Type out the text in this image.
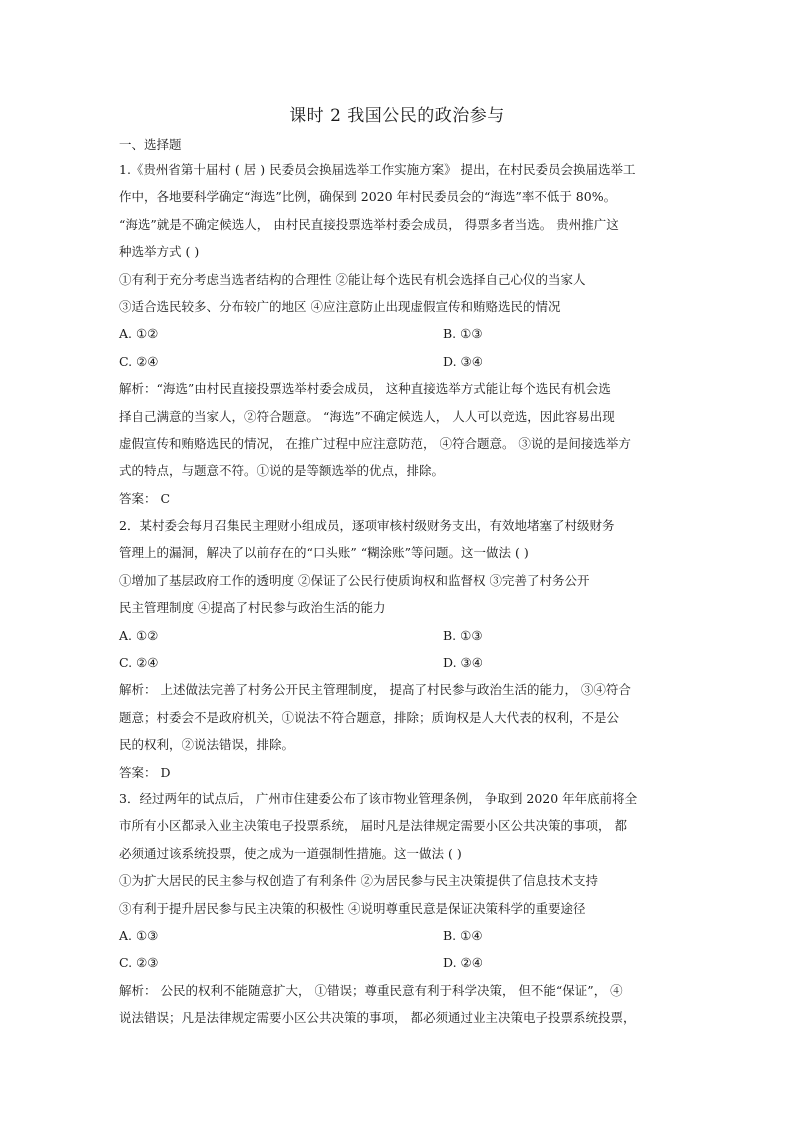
课时 2 我国公民的政治参与
一、选择题
1.《贵州省第十届村 ( 居 ) 民委员会换届选举工作实施方案》 提出，在村民委员会换届选举工
作中，各地要科学确定“海选”比例，确保到 2020 年村民委员会的“海选”率不低于 80%。
“海选”就是不确定候选人， 由村民直接投票选举村委会成员， 得票多者当选。 贵州推广这
种选举方式 ( )
①有利于充分考虑当选者结构的合理性 ②能让每个选民有机会选择自己心仪的当家人
③适合选民较多、分布较广的地区 ④应注意防止出现虚假宣传和贿赂选民的情况
A. ①②	B. ①③
C. ②④	D. ③④
解析：“海选”由村民直接投票选举村委会成员， 这种直接选举方式能让每个选民有机会选
择自己满意的当家人，②符合题意。 “海选”不确定候选人， 人人可以竞选，因此容易出现
虚假宣传和贿赂选民的情况， 在推广过程中应注意防范， ④符合题意。 ③说的是间接选举方
式的特点，与题意不符。①说的是等额选举的优点，排除。
答案： C
2．某村委会每月召集民主理财小组成员，逐项审核村级财务支出，有效地堵塞了村级财务
管理上的漏洞，解决了以前存在的“口头账” “糊涂账”等问题。这一做法 ( )
①增加了基层政府工作的透明度 ②保证了公民行使质询权和监督权 ③完善了村务公开
民主管理制度 ④提高了村民参与政治生活的能力
A. ①②	B. ①③
C. ②④	D. ③④
解析： 上述做法完善了村务公开民主管理制度， 提高了村民参与政治生活的能力， ③④符合
题意；村委会不是政府机关，①说法不符合题意，排除；质询权是人大代表的权利，不是公
民的权利，②说法错误，排除。
答案： D
3．经过两年的试点后， 广州市住建委公布了该市物业管理条例， 争取到 2020 年年底前将全
市所有小区都录入业主决策电子投票系统， 届时凡是法律规定需要小区公共决策的事项， 都
必须通过该系统投票，使之成为一道强制性措施。这一做法 ( )
①为扩大居民的民主参与权创造了有利条件 ②为居民参与民主决策提供了信息技术支持
③有利于提升居民参与民主决策的积极性 ④说明尊重民意是保证决策科学的重要途径
A. ①③	B. ①④
C. ②③	D. ②④
解析： 公民的权利不能随意扩大， ①错误；尊重民意有利于科学决策， 但不能“保证”， ④
说法错误；凡是法律规定需要小区公共决策的事项， 都必须通过业主决策电子投票系统投票，
